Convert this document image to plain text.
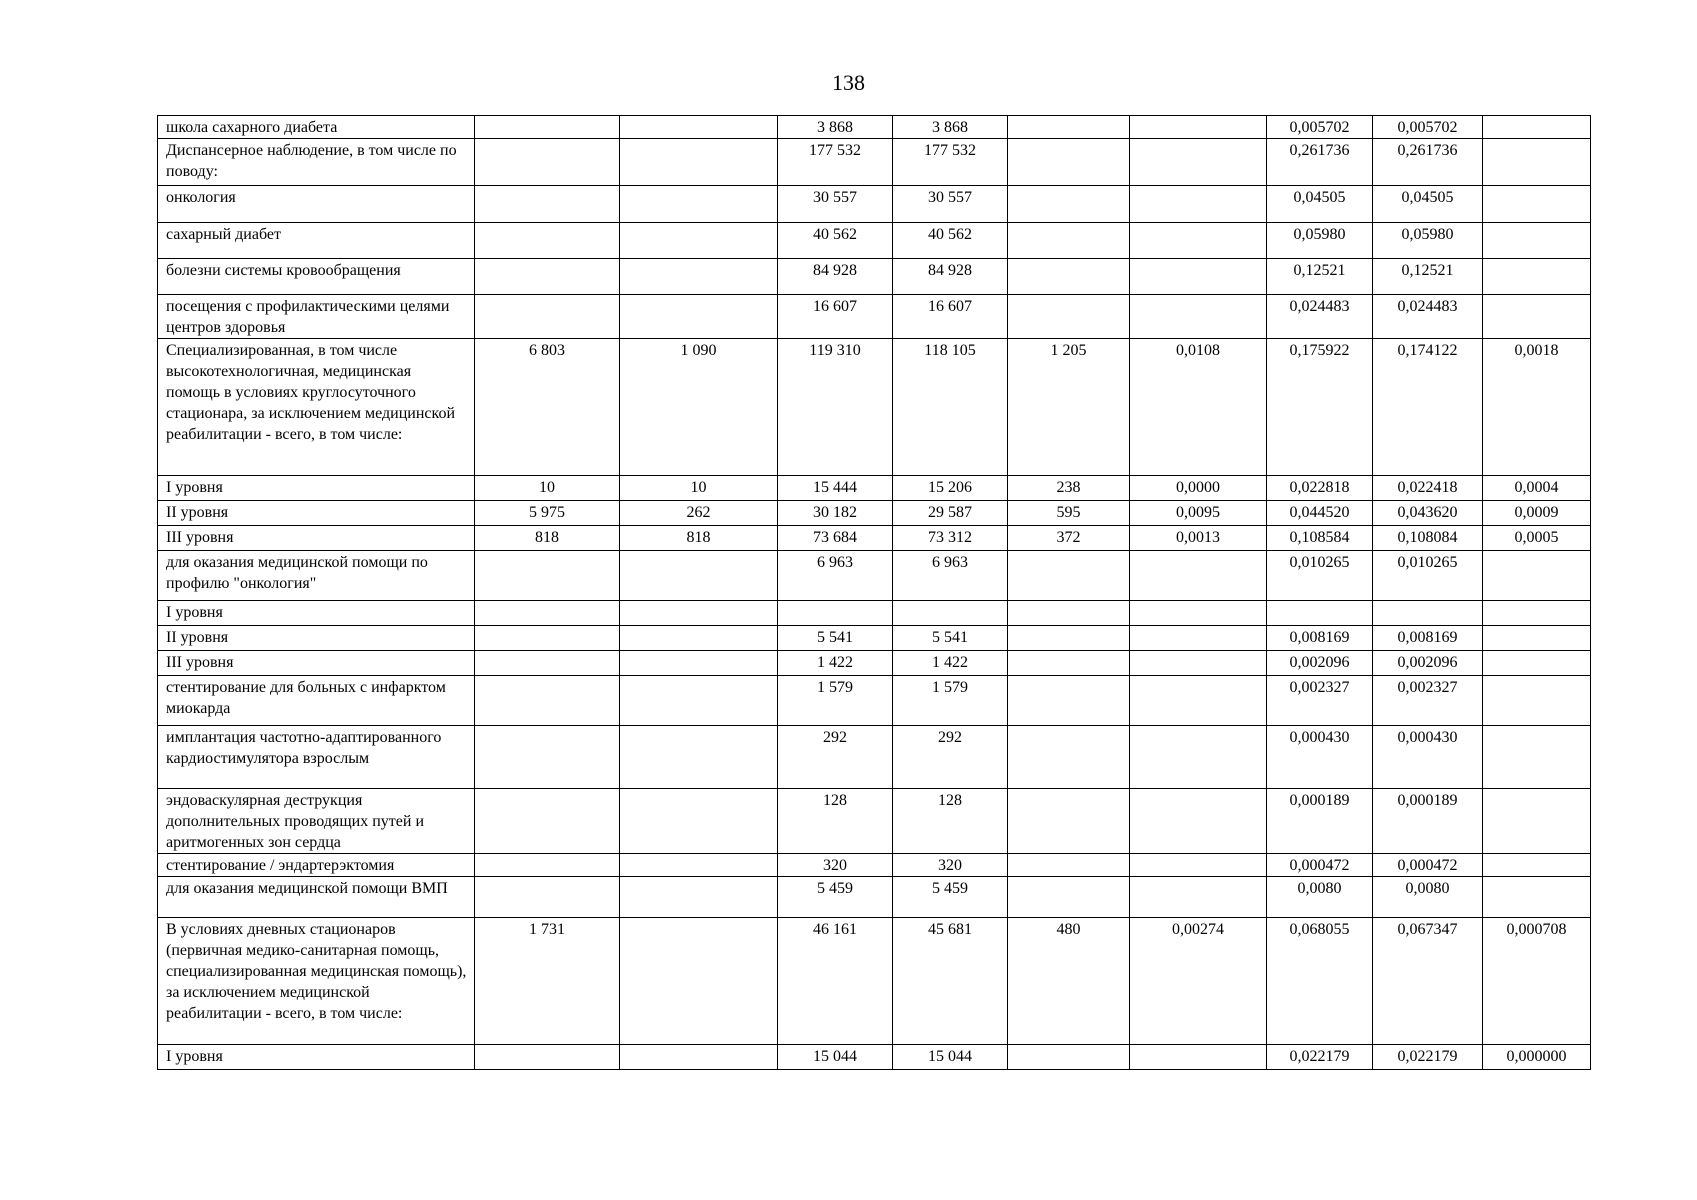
138
школа сахарного диабета			3 868	3 868			0,005702	0,005702	
Диспансерное наблюдение, в том числе по поводу:			177 532	177 532			0,261736	0,261736	
онкология			30 557	30 557			0,04505	0,04505	
сахарный диабет			40 562	40 562			0,05980	0,05980	
болезни системы кровообращения			84 928	84 928			0,12521	0,12521	
посещения с профилактическими целями центров здоровья			16 607	16 607			0,024483	0,024483	
Специализированная, в том числе высокотехнологичная, медицинская помощь в условиях круглосуточного стационара, за исключением медицинской реабилитации - всего, в том числе:	6 803	1 090	119 310	118 105	1 205	0,0108	0,175922	0,174122	0,0018
I уровня	10	10	15 444	15 206	238	0,0000	0,022818	0,022418	0,0004
II уровня	5 975	262	30 182	29 587	595	0,0095	0,044520	0,043620	0,0009
III уровня	818	818	73 684	73 312	372	0,0013	0,108584	0,108084	0,0005
для оказания медицинской помощи по профилю "онкология"			6 963	6 963			0,010265	0,010265	
I уровня									
II уровня			5 541	5 541			0,008169	0,008169	
III уровня			1 422	1 422			0,002096	0,002096	
стентирование для больных с инфарктом миокарда			1 579	1 579			0,002327	0,002327	
имплантация частотно-адаптированного кардиостимулятора взрослым			292	292			0,000430	0,000430	
эндоваскулярная деструкция дополнительных проводящих путей и аритмогенных зон сердца			128	128			0,000189	0,000189	
стентирование / эндартерэктомия			320	320			0,000472	0,000472	
для оказания медицинской помощи ВМП			5 459	5 459			0,0080	0,0080	
В условиях дневных стационаров (первичная медико-санитарная помощь, специализированная медицинская помощь), за исключением медицинской реабилитации - всего, в том числе:	1 731		46 161	45 681	480	0,00274	0,068055	0,067347	0,000708
I уровня			15 044	15 044			0,022179	0,022179	0,000000
